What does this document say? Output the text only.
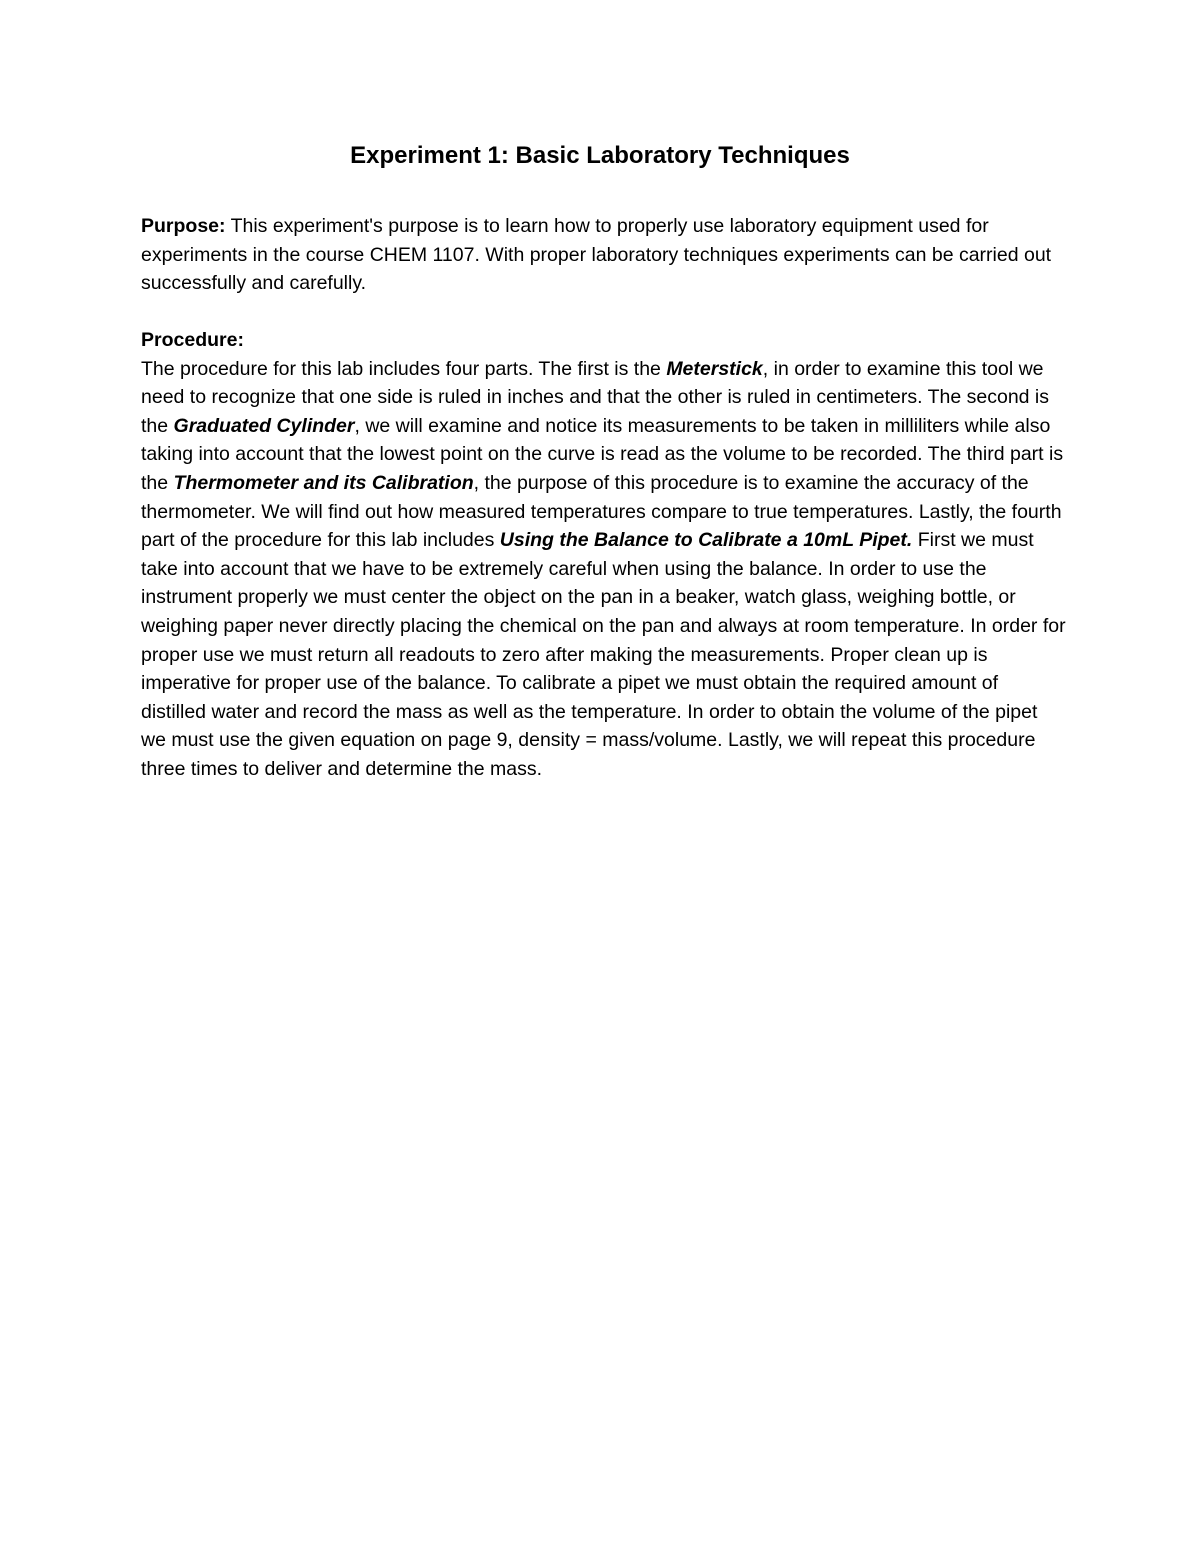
Experiment 1: Basic Laboratory Techniques

Purpose: This experiment's purpose is to learn how to properly use laboratory equipment used for experiments in the course CHEM 1107. With proper laboratory techniques experiments can be carried out successfully and carefully.

Procedure:

The procedure for this lab includes four parts. The first is the Meterstick, in order to examine this tool we need to recognize that one side is ruled in inches and that the other is ruled in centimeters. The second is the Graduated Cylinder, we will examine and notice its measurements to be taken in milliliters while also taking into account that the lowest point on the curve is read as the volume to be recorded. The third part is the Thermometer and its Calibration, the purpose of this procedure is to examine the accuracy of the thermometer. We will find out how measured temperatures compare to true temperatures. Lastly, the fourth part of the procedure for this lab includes Using the Balance to Calibrate a 10mL Pipet. First we must take into account that we have to be extremely careful when using the balance. In order to use the instrument properly we must center the object on the pan in a beaker, watch glass, weighing bottle, or weighing paper never directly placing the chemical on the pan and always at room temperature. In order for proper use we must return all readouts to zero after making the measurements. Proper clean up is imperative for proper use of the balance. To calibrate a pipet we must obtain the required amount of distilled water and record the mass as well as the temperature. In order to obtain the volume of the pipet we must use the given equation on page 9, density = mass/volume. Lastly, we will repeat this procedure three times to deliver and determine the mass.
